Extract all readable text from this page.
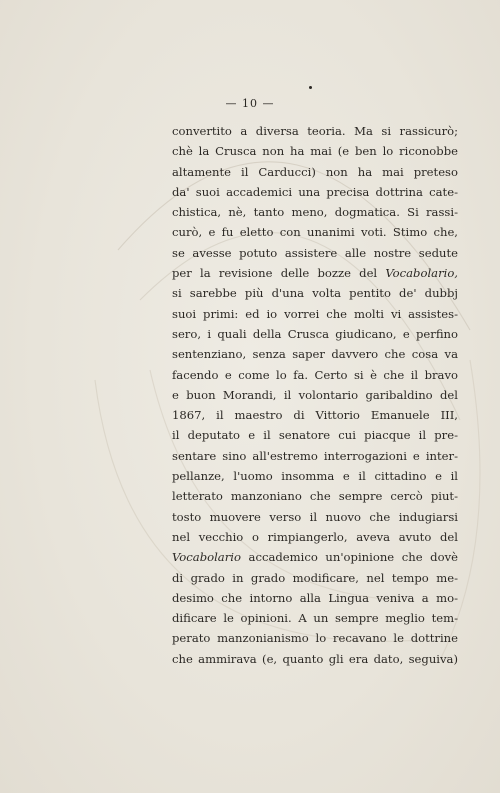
— 10 —
convertito a diversa teoria. Ma si rassicurò;
chè la Crusca non ha mai (e ben lo riconobbe
altamente il Carducci) non ha mai preteso
da' suoi accademici una precisa dottrina cate-
chistica, nè, tanto meno, dogmatica. Si rassi-
curò, e fu eletto con unanimi voti. Stimo che,
se avesse potuto assistere alle nostre sedute
per la revisione delle bozze del Vocabolario,
si sarebbe più d'una volta pentito de' dubbj
suoi primi: ed io vorrei che molti vi assistes-
sero, i quali della Crusca giudicano, e perfino
sentenziano, senza saper davvero che cosa va
facendo e come lo fa. Certo si è che il bravo
e buon Morandi, il volontario garibaldino del
1867, il maestro di Vittorio Emanuele III,
il deputato e il senatore cui piacque il pre-
sentare sino all'estremo interrogazioni e inter-
pellanze, l'uomo insomma e il cittadino e il
letterato manzoniano che sempre cercò piut-
tosto muovere verso il nuovo che indugiarsi
nel vecchio o rimpiangerlo, aveva avuto del
Vocabolario accademico un'opinione che dovè
di grado in grado modificare, nel tempo me-
desimo che intorno alla Lingua veniva a mo-
dificare le opinioni. A un sempre meglio tem-
perato manzonianismo lo recavano le dottrine
che ammirava (e, quanto gli era dato, seguiva)
